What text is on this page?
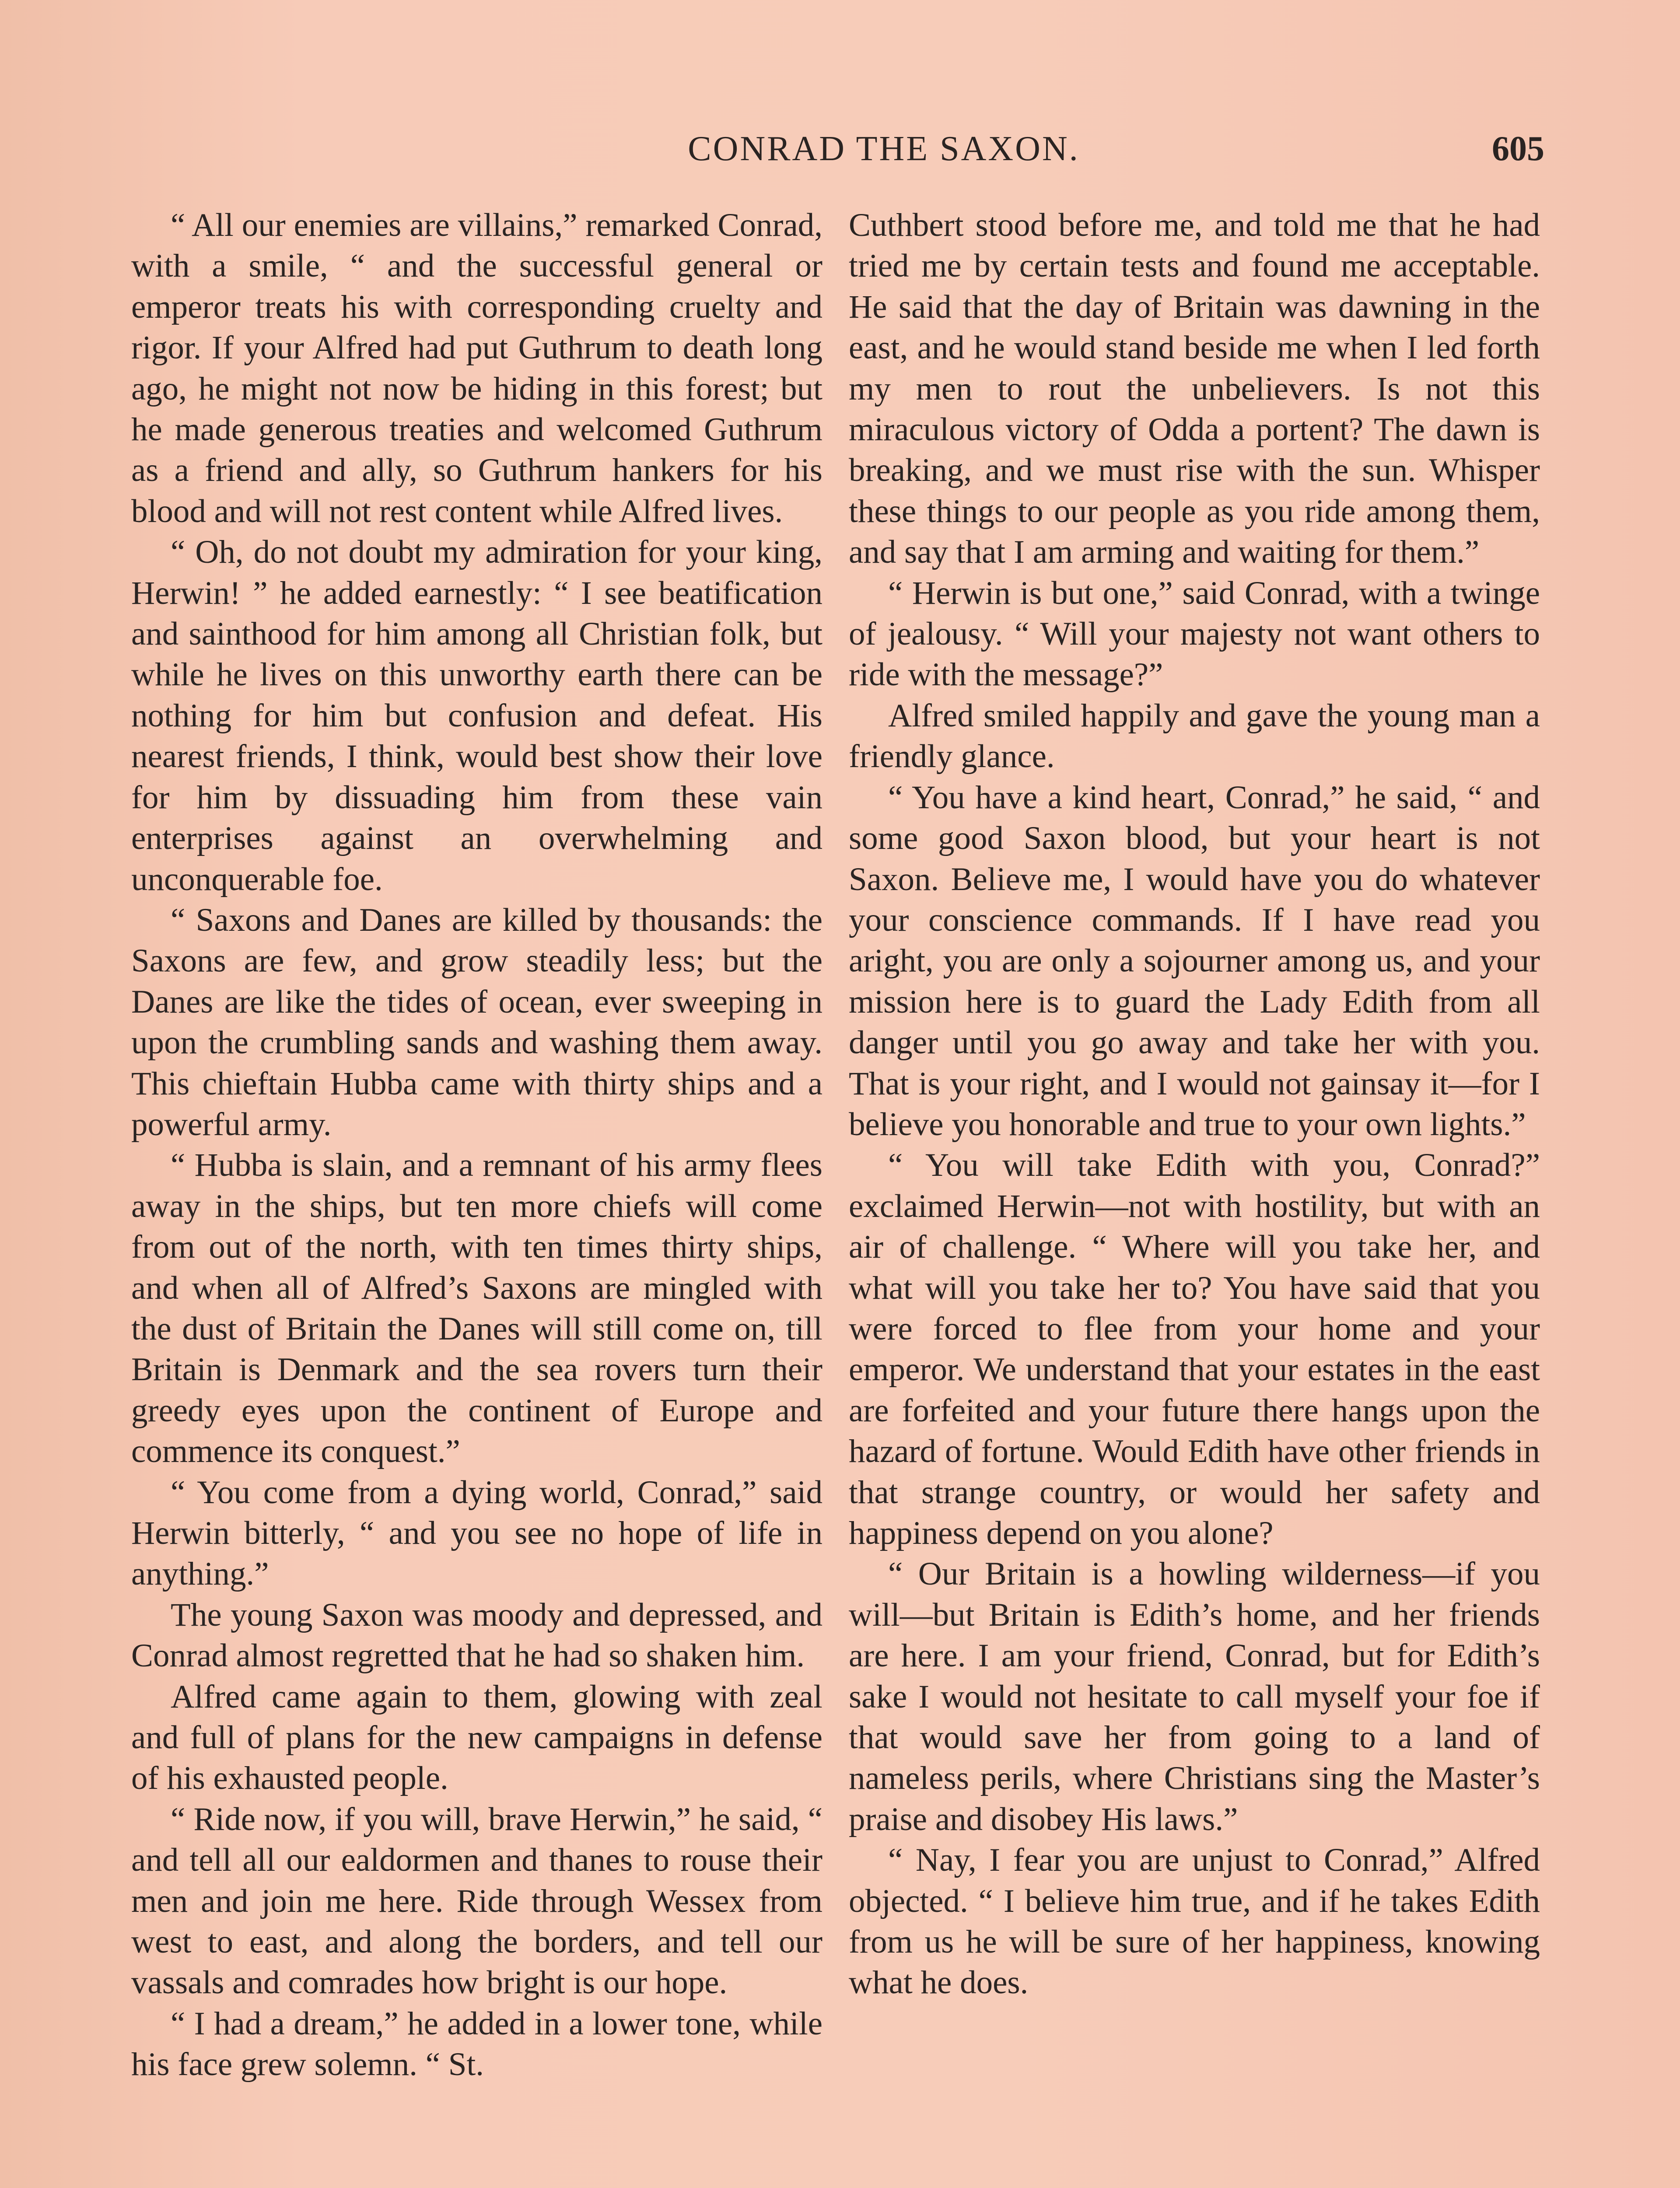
CONRAD THE SAXON.	605

“ All our enemies are villains,” remarked Conrad, with a smile, “ and the successful general or emperor treats his with corresponding cruelty and rigor. If your Alfred had put Guthrum to death long ago, he might not now be hiding in this forest; but he made generous treaties and welcomed Guthrum as a friend and ally, so Guthrum hankers for his blood and will not rest content while Alfred lives.

“ Oh, do not doubt my admiration for your king, Herwin! ” he added earnestly: “ I see beatification and sainthood for him among all Christian folk, but while he lives on this unworthy earth there can be nothing for him but confusion and defeat. His nearest friends, I think, would best show their love for him by dissuading him from these vain enterprises against an overwhelming and unconquerable foe.

“ Saxons and Danes are killed by thousands: the Saxons are few, and grow steadily less; but the Danes are like the tides of ocean, ever sweeping in upon the crumbling sands and washing them away. This chieftain Hubba came with thirty ships and a powerful army.

“ Hubba is slain, and a remnant of his army flees away in the ships, but ten more chiefs will come from out of the north, with ten times thirty ships, and when all of Alfred’s Saxons are mingled with the dust of Britain the Danes will still come on, till Britain is Denmark and the sea rovers turn their greedy eyes upon the continent of Europe and commence its conquest.”

“ You come from a dying world, Conrad,” said Herwin bitterly, “ and you see no hope of life in anything.”

The young Saxon was moody and depressed, and Conrad almost regretted that he had so shaken him.

Alfred came again to them, glowing with zeal and full of plans for the new campaigns in defense of his exhausted people.

“ Ride now, if you will, brave Herwin,” he said, “ and tell all our ealdormen and thanes to rouse their men and join me here. Ride through Wessex from west to east, and along the borders, and tell our vassals and comrades how bright is our hope.

“ I had a dream,” he added in a lower tone, while his face grew solemn. “ St.

Cuthbert stood before me, and told me that he had tried me by certain tests and found me acceptable. He said that the day of Britain was dawning in the east, and he would stand beside me when I led forth my men to rout the unbelievers. Is not this miraculous victory of Odda a portent? The dawn is breaking, and we must rise with the sun. Whisper these things to our people as you ride among them, and say that I am arming and waiting for them.”

“ Herwin is but one,” said Conrad, with a twinge of jealousy. “ Will your majesty not want others to ride with the message?”

Alfred smiled happily and gave the young man a friendly glance.

“ You have a kind heart, Conrad,” he said, “ and some good Saxon blood, but your heart is not Saxon. Believe me, I would have you do whatever your conscience commands. If I have read you aright, you are only a sojourner among us, and your mission here is to guard the Lady Edith from all danger until you go away and take her with you. That is your right, and I would not gainsay it—for I believe you honorable and true to your own lights.”

“ You will take Edith with you, Conrad?” exclaimed Herwin—not with hostility, but with an air of challenge. “ Where will you take her, and what will you take her to? You have said that you were forced to flee from your home and your emperor. We understand that your estates in the east are forfeited and your future there hangs upon the hazard of fortune. Would Edith have other friends in that strange country, or would her safety and happiness depend on you alone?

“ Our Britain is a howling wilderness—if you will—but Britain is Edith’s home, and her friends are here. I am your friend, Conrad, but for Edith’s sake I would not hesitate to call myself your foe if that would save her from going to a land of nameless perils, where Christians sing the Master’s praise and disobey His laws.”

“ Nay, I fear you are unjust to Conrad,” Alfred objected. “ I believe him true, and if he takes Edith from us he will be sure of her happiness, knowing what he does.
